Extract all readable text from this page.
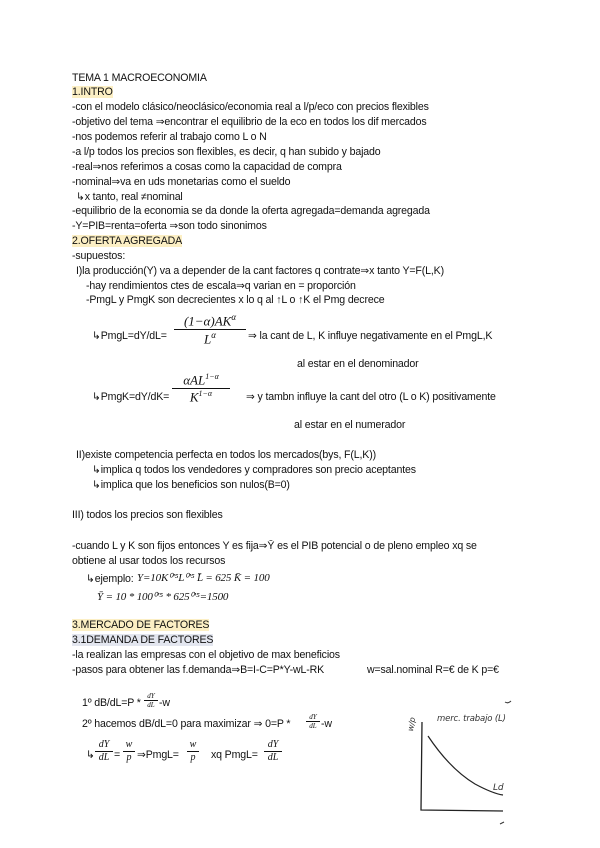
TEMA 1 MACROECONOMIA
1.INTRO
-con el modelo clásico/neoclásico/economia real a l/p/eco con precios flexibles
-objetivo del tema ⇒encontrar el equilibrio de la eco en todos los dif mercados
-nos podemos referir al trabajo como L o N
-a l/p todos los precios son flexibles, es decir, q han subido y bajado
-real⇒nos referimos a cosas como la capacidad de compra
-nominal⇒va en uds monetarias como el sueldo
↳x tanto, real ≠nominal
-equilibrio de la economia se da donde la oferta agregada=demanda agregada
-Y=PIB=renta=oferta ⇒son todo sinonimos
2.OFERTA AGREGADA
-supuestos:
I)la producción(Y) va a depender de la cant factores q contrate⇒x tanto Y=F(L,K)
-hay rendimientos ctes de escala⇒q varian en = proporción
-PmgL y PmgK son decrecientes x lo q al ↑L o ↑K el Pmg decrece
↳PmgL=dY/dL=
$(1-\alpha)AK^\alpha$
$L^\alpha$	⇒ la cant de L, K influye negativamente en el PmgL,K
al estar en el denominador
↳PmgK=dY/dK=
αAL$^{1-\alpha}$
$K^{1-\alpha}$	⇒ y tambn influye la cant del otro (L o K) positivamente
al estar en el numerador
II)existe competencia perfecta en todos los mercados(bys, F(L,K))
↳implica q todos los vendedores y compradores son precio aceptantes
↳implica que los beneficios son nulos(B=0)
III) todos los precios son flexibles
-cuando L y K son fijos entonces Y es fija⇒Ȳ es el PIB potencial o de pleno empleo xq se
obtiene al usar todos los recursos
↳ejemplo: Y=10K⁰'⁵L⁰'⁵ L̄ = 625 K̄ = 100
Ȳ = 10 * 100⁰'⁵ * 625⁰'⁵=1500
3.MERCADO DE FACTORES
3.1DEMANDA DE FACTORES
-la realizan las empresas con el objetivo de max beneficios
-pasos para obtener las f.demanda⇒B=I-C=P*Y-wL-RK	w=sal.nominal R=€ de K p=€
1º dB/dL=P *
dY
dL -w
2º hacemos dB/dL=0 para maximizar ⇒ 0=P *
dY
dL -w
↳
dY
dL =
w
p ⇒PmgL=
w
p	xq PmgL=
dY
dL
merc. trabajo (L)
w/p
Ld
